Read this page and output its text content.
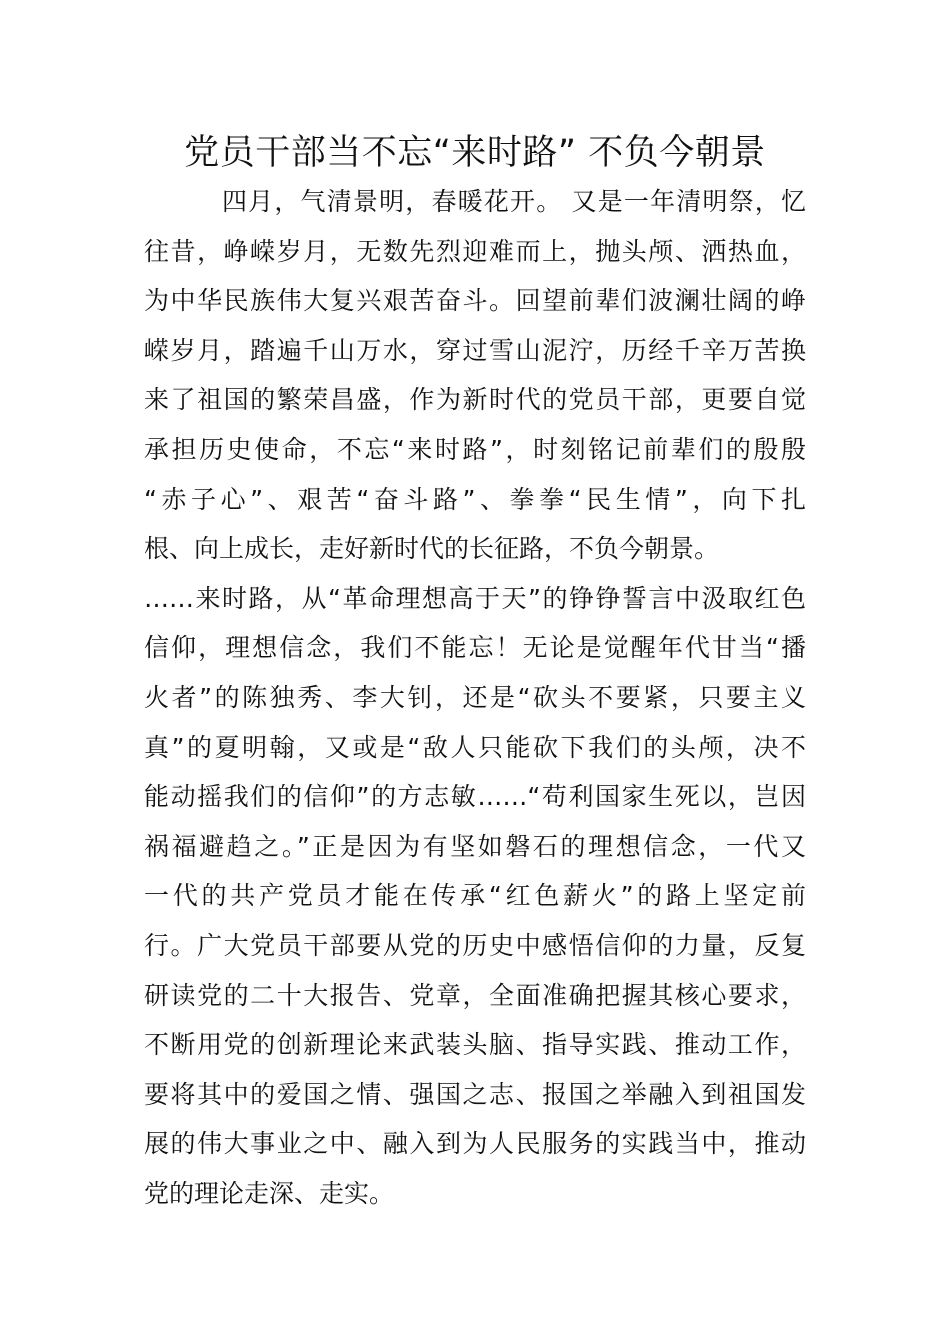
党员干部当不忘“来时路” 不负今朝景

四月，气清景明，春暖花开。 又是一年清明祭，忆

往昔，峥嵘岁月，无数先烈迎难而上，抛头颅、洒热血，

为中华民族伟大复兴艰苦奋斗。回望前辈们波澜壮阔的峥

嵘岁月，踏遍千山万水，穿过雪山泥泞，历经千辛万苦换

来了祖国的繁荣昌盛，作为新时代的党员干部，更要自觉

承担历史使命，不忘“来时路”，时刻铭记前辈们的殷殷

“赤子心”、艰苦“奋斗路”、拳拳“民生情”，向下扎

根、向上成长，走好新时代的长征路，不负今朝景。

……来时路，从“革命理想高于天”的铮铮誓言中汲取红色

信仰，理想信念，我们不能忘！无论是觉醒年代甘当“播

火者”的陈独秀、李大钊，还是“砍头不要紧，只要主义

真”的夏明翰，又或是“敌人只能砍下我们的头颅，决不

能动摇我们的信仰”的方志敏……“苟利国家生死以，岂因

祸福避趋之。”正是因为有坚如磐石的理想信念，一代又

一代的共产党员才能在传承“红色薪火”的路上坚定前

行。广大党员干部要从党的历史中感悟信仰的力量，反复

研读党的二十大报告、党章，全面准确把握其核心要求，

不断用党的创新理论来武装头脑、指导实践、推动工作，

要将其中的爱国之情、强国之志、报国之举融入到祖国发

展的伟大事业之中、融入到为人民服务的实践当中，推动

党的理论走深、走实。
